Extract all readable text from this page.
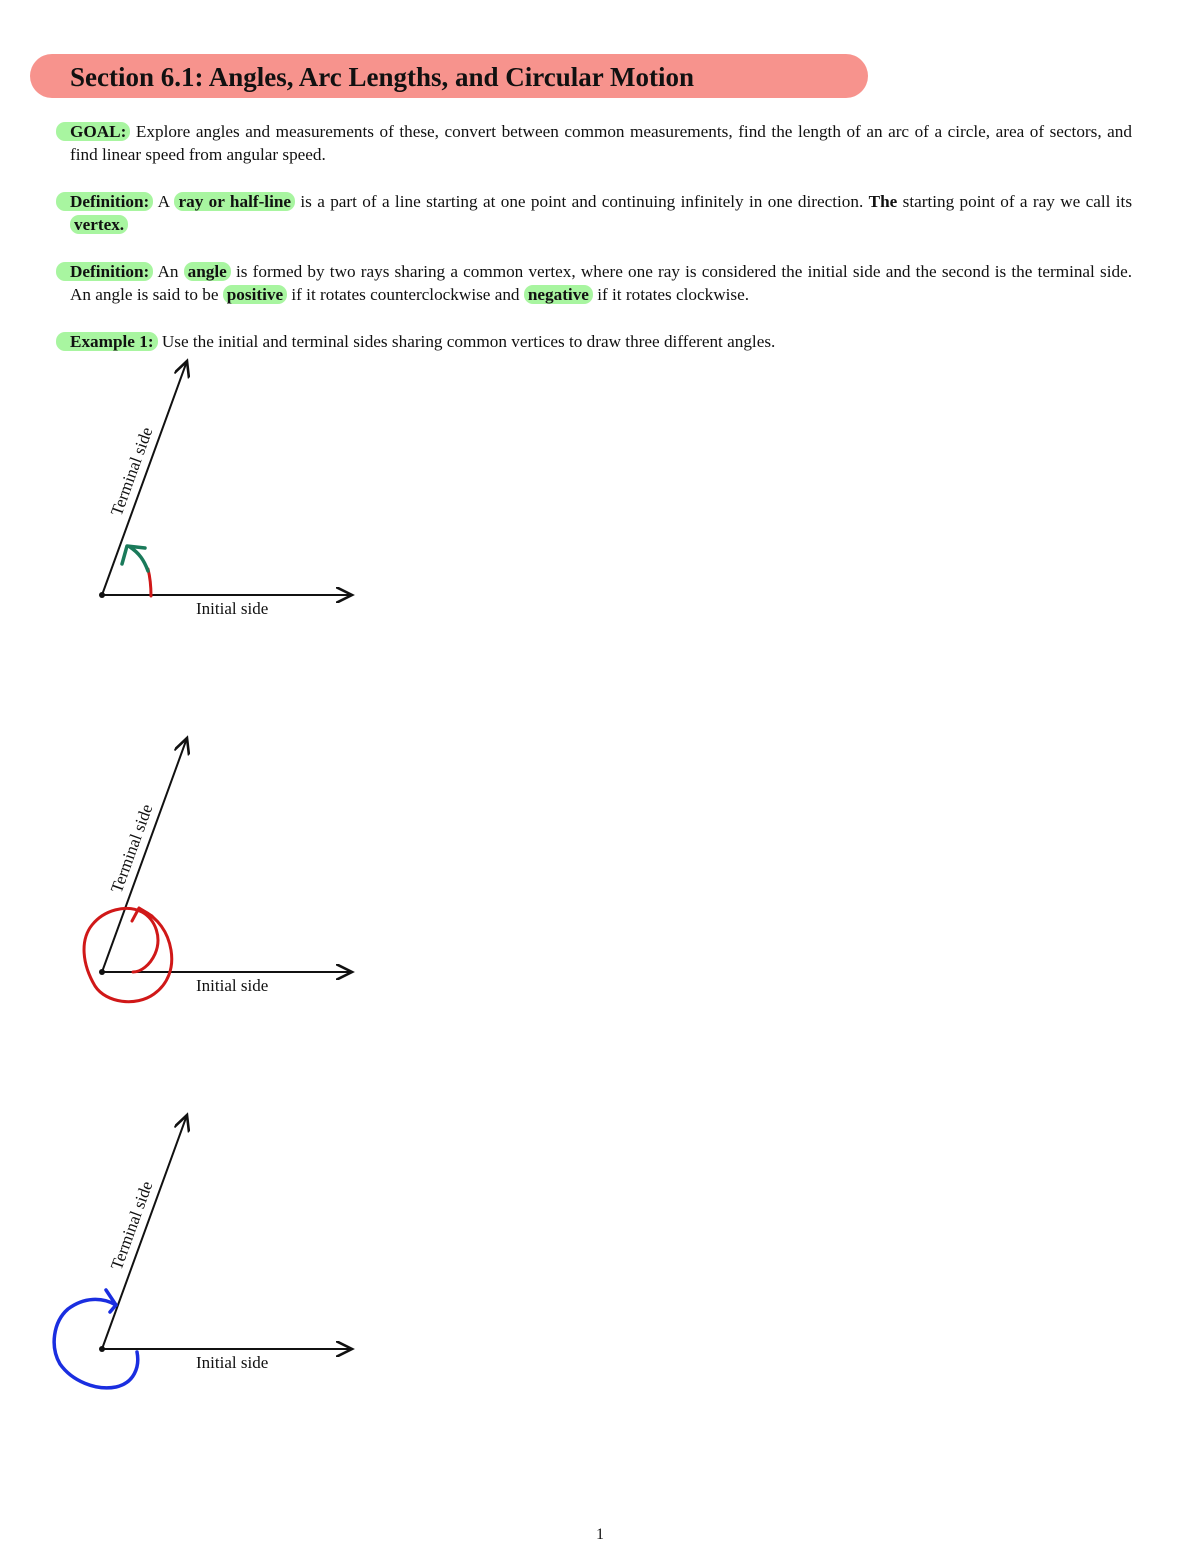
Section 6.1: Angles, Arc Lengths, and Circular Motion
GOAL: Explore angles and measurements of these, convert between common measurements, find the length of an arc of a circle, area of sectors, and find linear speed from angular speed.
Definition: A ray or half-line is a part of a line starting at one point and continuing infinitely in one direction. The starting point of a ray we call its vertex.
Definition: An angle is formed by two rays sharing a common vertex, where one ray is considered the initial side and the second is the terminal side. An angle is said to be positive if it rotates counterclockwise and negative if it rotates clockwise.
Example 1: Use the initial and terminal sides sharing common vertices to draw three different angles.
Initial side
Terminal side
Initial side
Terminal side
Initial side
Terminal side
1
